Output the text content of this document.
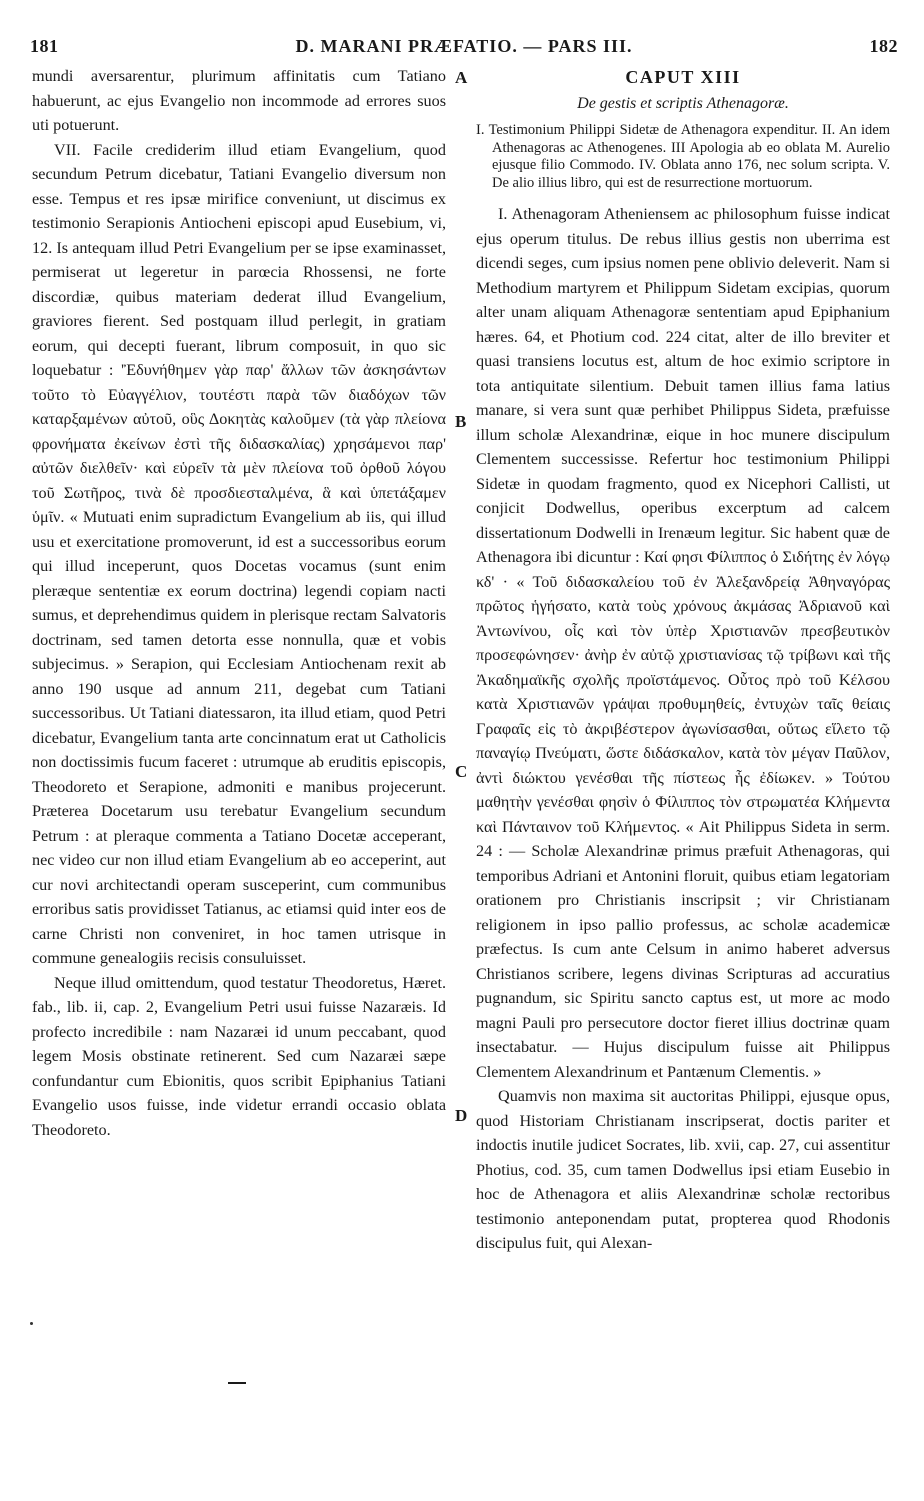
181	D. MARANI PRÆFATIO. — PARS III.	182
A
B
C
D

mundi aversarentur, plurimum affinitatis cum Tatiano habuerunt, ac ejus Evangelio non incommode ad errores suos uti potuerunt.

VII. Facile crediderim illud etiam Evangelium, quod secundum Petrum dicebatur, Tatiani Evangelio diversum non esse. Tempus et res ipsæ mirifice conveniunt, ut discimus ex testimonio Serapionis Antiocheni episcopi apud Eusebium, vi, 12. Is antequam illud Petri Evangelium per se ipse examinasset, permiserat ut legeretur in parœcia Rhossensi, ne forte discordiæ, quibus materiam dederat illud Evangelium, graviores fierent. Sed postquam illud perlegit, in gratiam eorum, qui decepti fuerant, librum composuit, in quo sic loquebatur : 'Ἐδυνήθημεν γὰρ παρ' ἄλλων τῶν ἀσκησάντων τοῦτο τὸ Εὐαγγέλιον, τουτέστι παρὰ τῶν διαδόχων τῶν καταρξαμένων αὐτοῦ, οὓς Δοκητὰς καλοῦμεν (τὰ γὰρ πλείονα φρονήματα ἐκείνων ἐστὶ τῆς διδασκαλίας) χρησάμενοι παρ' αὐτῶν διελθεῖν· καὶ εὑρεῖν τὰ μὲν πλείονα τοῦ ὀρθοῦ λόγου τοῦ Σωτῆρος, τινὰ δὲ προσδιεσταλμένα, ἃ καὶ ὑπετάξαμεν ὑμῖν. « Mutuati enim supradictum Evangelium ab iis, qui illud usu et exercitatione promoverunt, id est a successoribus eorum qui illud inceperunt, quos Docetas vocamus (sunt enim pleræque sententiæ ex eorum doctrina) legendi copiam nacti sumus, et deprehendimus quidem in plerisque rectam Salvatoris doctrinam, sed tamen detorta esse nonnulla, quæ et vobis subjecimus. » Serapion, qui Ecclesiam Antiochenam rexit ab anno 190 usque ad annum 211, degebat cum Tatiani successoribus. Ut Tatiani diatessaron, ita illud etiam, quod Petri dicebatur, Evangelium tanta arte concinnatum erat ut Catholicis non doctissimis fucum faceret : utrumque ab eruditis episcopis, Theodoreto et Serapione, admoniti e manibus projecerunt. Præterea Docetarum usu terebatur Evangelium secundum Petrum : at pleraque commenta a Tatiano Docetæ acceperant, nec video cur non illud etiam Evangelium ab eo acceperint, aut cur novi architectandi operam susceperint, cum communibus erroribus satis providisset Tatianus, ac etiamsi quid inter eos de carne Christi non conveniret, in hoc tamen utrisque in commune genealogiis recisis consuluisset.

Neque illud omittendum, quod testatur Theodoretus, Hæret. fab., lib. ii, cap. 2, Evangelium Petri usui fuisse Nazaræis. Id profecto incredibile : nam Nazaræi id unum peccabant, quod legem Mosis obstinate retinerent. Sed cum Nazaræi sæpe confundantur cum Ebionitis, quos scribit Epiphanius Tatiani Evangelio usos fuisse, inde videtur errandi occasio oblata Theodoreto.

CAPUT XIII
De gestis et scriptis Athenagoræ.
I. Testimonium Philippi Sidetæ de Athenagora expenditur. II. An idem Athenagoras ac Athenogenes. III Apologia ab eo oblata M. Aurelio ejusque filio Commodo. IV. Oblata anno 176, nec solum scripta. V. De alio illius libro, qui est de resurrectione mortuorum.

I. Athenagoram Atheniensem ac philosophum fuisse indicat ejus operum titulus. De rebus illius gestis non uberrima est dicendi seges, cum ipsius nomen pene oblivio deleverit. Nam si Methodium martyrem et Philippum Sidetam excipias, quorum alter unam aliquam Athenagoræ sententiam apud Epiphanium hæres. 64, et Photium cod. 224 citat, alter de illo breviter et quasi transiens locutus est, altum de hoc eximio scriptore in tota antiquitate silentium. Debuit tamen illius fama latius manare, si vera sunt quæ perhibet Philippus Sideta, præfuisse illum scholæ Alexandrinæ, eique in hoc munere discipulum Clementem successisse. Refertur hoc testimonium Philippi Sidetæ in quodam fragmento, quod ex Nicephori Callisti, ut conjicit Dodwellus, operibus excerptum ad calcem dissertationum Dodwelli in Irenæum legitur. Sic habent quæ de Athenagora ibi dicuntur : Καί φησι Φίλιππος ὁ Σιδήτης ἐν λόγῳ κδ' · « Τοῦ διδασκαλείου τοῦ ἐν Ἀλεξανδρείᾳ Ἀθηναγόρας πρῶτος ἡγήσατο, κατὰ τοὺς χρόνους ἀκμάσας Ἀδριανοῦ καὶ Ἀντωνίνου, οἷς καὶ τὸν ὑπὲρ Χριστιανῶν πρεσβευτικὸν προσεφώνησεν· ἀνὴρ ἐν αὐτῷ χριστιανίσας τῷ τρίβωνι καὶ τῆς Ἀκαδημαϊκῆς σχολῆς προϊστάμενος. Οὗτος πρὸ τοῦ Κέλσου κατὰ Χριστιανῶν γράψαι προθυμηθείς, ἐντυχὼν ταῖς θείαις Γραφαῖς εἰς τὸ ἀκριβέστερον ἀγωνίσασθαι, οὕτως εἵλετο τῷ παναγίῳ Πνεύματι, ὥστε διδάσκαλον, κατὰ τὸν μέγαν Παῦλον, ἀντὶ διώκτου γενέσθαι τῆς πίστεως ἧς ἐδίωκεν. » Τούτου μαθητὴν γενέσθαι φησὶν ὁ Φίλιππος τὸν στρωματέα Κλήμεντα καὶ Πάνταινον τοῦ Κλήμεντος. « Ait Philippus Sideta in serm. 24 : — Scholæ Alexandrinæ primus præfuit Athenagoras, qui temporibus Adriani et Antonini floruit, quibus etiam legatoriam orationem pro Christianis inscripsit ; vir Christianam religionem in ipso pallio professus, ac scholæ academicæ præfectus. Is cum ante Celsum in animo haberet adversus Christianos scribere, legens divinas Scripturas ad accuratius pugnandum, sic Spiritu sancto captus est, ut more ac modo magni Pauli pro persecutore doctor fieret illius doctrinæ quam insectabatur. — Hujus discipulum fuisse ait Philippus Clementem Alexandrinum et Pantænum Clementis. »

Quamvis non maxima sit auctoritas Philippi, ejusque opus, quod Historiam Christianam inscripserat, doctis pariter et indoctis inutile judicet Socrates, lib. xvii, cap. 27, cui assentitur Photius, cod. 35, cum tamen Dodwellus ipsi etiam Eusebio in hoc de Athenagora et aliis Alexandrinæ scholæ rectoribus testimonio anteponendam putat, propterea quod Rhodonis discipulus fuit, qui Alexan-
